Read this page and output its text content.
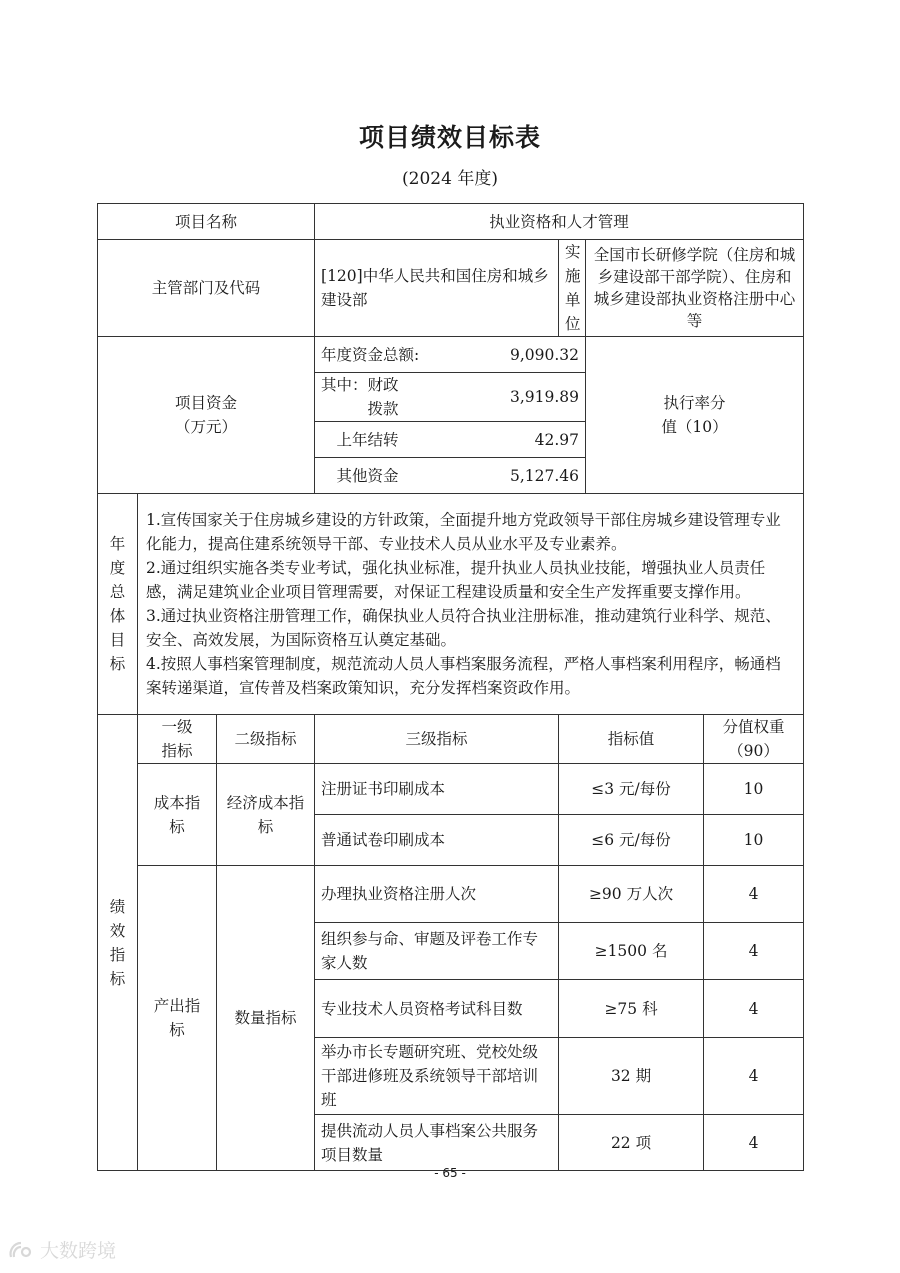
项目绩效目标表
(2024 年度)
项目名称			执业资格和人才管理				
主管部门及代码			[120]中华人民共和国住房和城乡建设部		实施单位	全国市长研修学院（住房和城乡建设部干部学院）、住房和城乡建设部执业资格注册中心等	

项目资金（万元）			年度资金总额:	9,090.32		执行率分值（10）	

			其中：财政拨款	3,919.89			
			上年结转	42.97			
			其他资金	5,127.46			

年度总体目标	1.宣传国家关于住房城乡建设的方针政策，全面提升地方党政领导干部住房城乡建设管理专业化能力，提高住建系统领导干部、专业技术人员从业水平及专业素养。
2.通过组织实施各类专业考试，强化执业标准，提升执业人员执业技能，增强执业人员责任感，满足建筑业企业项目管理需要，对保证工程建设质量和安全生产发挥重要支撑作用。
3.通过执业资格注册管理工作，确保执业人员符合执业注册标准，推动建筑行业科学、规范、安全、高效发展，为国际资格互认奠定基础。
4.按照人事档案管理制度，规范流动人员人事档案服务流程，严格人事档案利用程序，畅通档案转递渠道，宣传普及档案政策知识，充分发挥档案资政作用。						

绩效指标	一级指标	二级指标	三级指标		指标值		分值权重（90）

	成本指标	经济成本指标	注册证书印刷成本		≤3 元/每份		10
			普通试卷印刷成本		≤6 元/每份		10

	产出指标	数量指标	办理执业资格注册人次		≥90 万人次		4
			组织参与命、审题及评卷工作专家人数		≥1500 名		4
			专业技术人员资格考试科目数		≥75 科		4
			举办市长专题研究班、党校处级干部进修班及系统领导干部培训班		32 期		4
			提供流动人员人事档案公共服务项目数量		22 项		4
- 65 -
大数跨境
